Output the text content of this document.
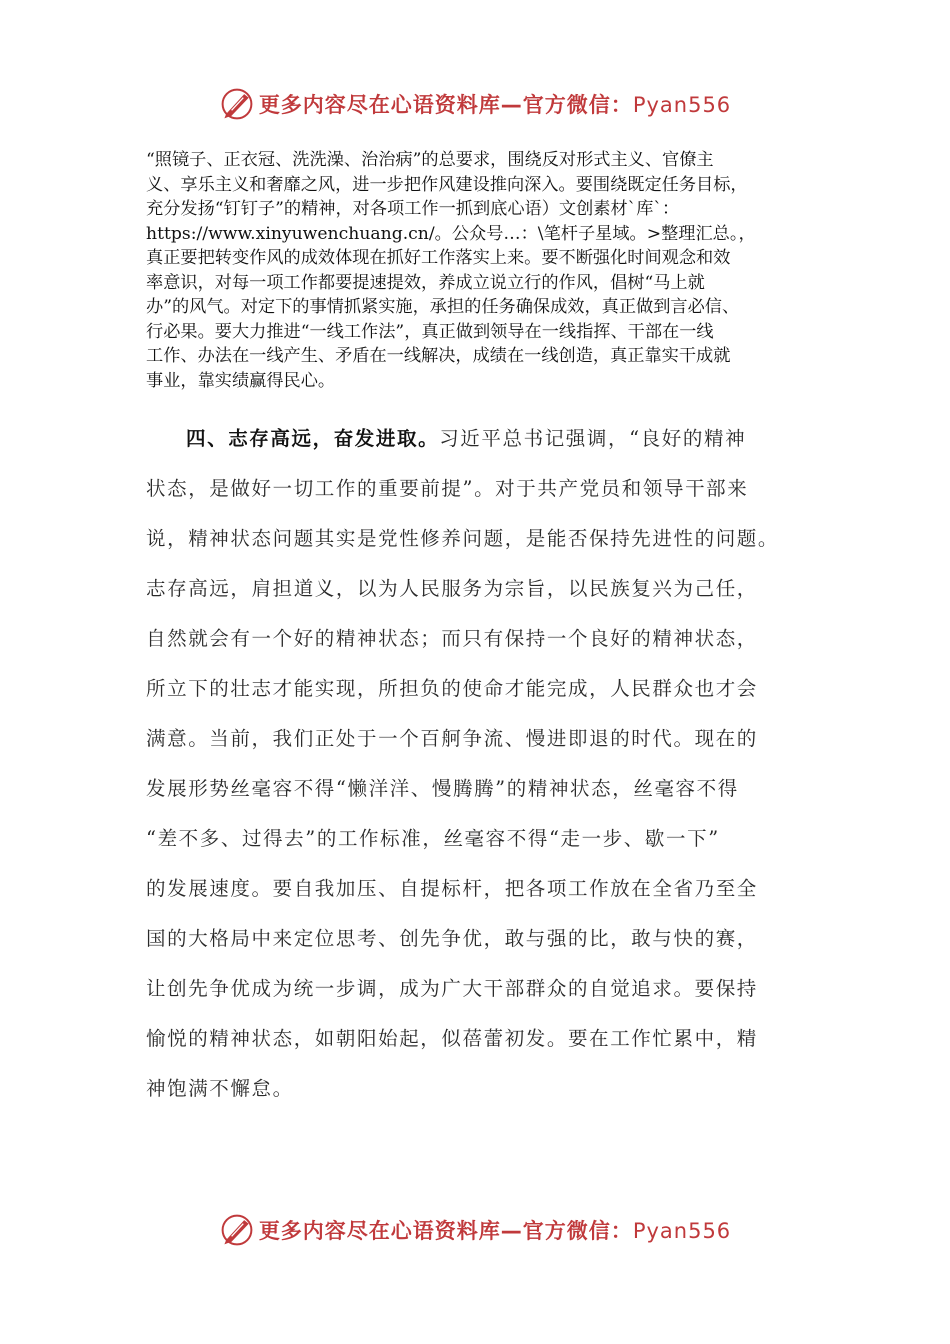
更多内容尽在心语资料库—官方微信：Pyan556
“照镜子、正衣冠、洗洗澡、治治病”的总要求，围绕反对形式主义、官僚主
义、享乐主义和奢靡之风，进一步把作风建设推向深入。要围绕既定任务目标，
充分发扬“钉钉子”的精神，对各项工作一抓到底心语）文创素材`库`：
https://www.xinyuwenchuang.cn/。公众号…：\笔杆子星域。>整理汇总。，
真正要把转变作风的成效体现在抓好工作落实上来。要不断强化时间观念和效
率意识，对每一项工作都要提速提效，养成立说立行的作风，倡树“马上就
办”的风气。对定下的事情抓紧实施，承担的任务确保成效，真正做到言必信、
行必果。要大力推进“一线工作法”，真正做到领导在一线指挥、干部在一线
工作、办法在一线产生、矛盾在一线解决，成绩在一线创造，真正靠实干成就
事业，靠实绩赢得民心。
四、志存高远，奋发进取。习近平总书记强调，“良好的精神
状态，是做好一切工作的重要前提”。对于共产党员和领导干部来
说，精神状态问题其实是党性修养问题，是能否保持先进性的问题。
志存高远，肩担道义，以为人民服务为宗旨，以民族复兴为己任，
自然就会有一个好的精神状态；而只有保持一个良好的精神状态，
所立下的壮志才能实现，所担负的使命才能完成，人民群众也才会
满意。当前，我们正处于一个百舸争流、慢进即退的时代。现在的
发展形势丝毫容不得“懒洋洋、慢腾腾”的精神状态，丝毫容不得
“差不多、过得去”的工作标准，丝毫容不得“走一步、歇一下”
的发展速度。要自我加压、自提标杆，把各项工作放在全省乃至全
国的大格局中来定位思考、创先争优，敢与强的比，敢与快的赛，
让创先争优成为统一步调，成为广大干部群众的自觉追求。要保持
愉悦的精神状态，如朝阳始起，似蓓蕾初发。要在工作忙累中，精
神饱满不懈怠。
更多内容尽在心语资料库—官方微信：Pyan556
